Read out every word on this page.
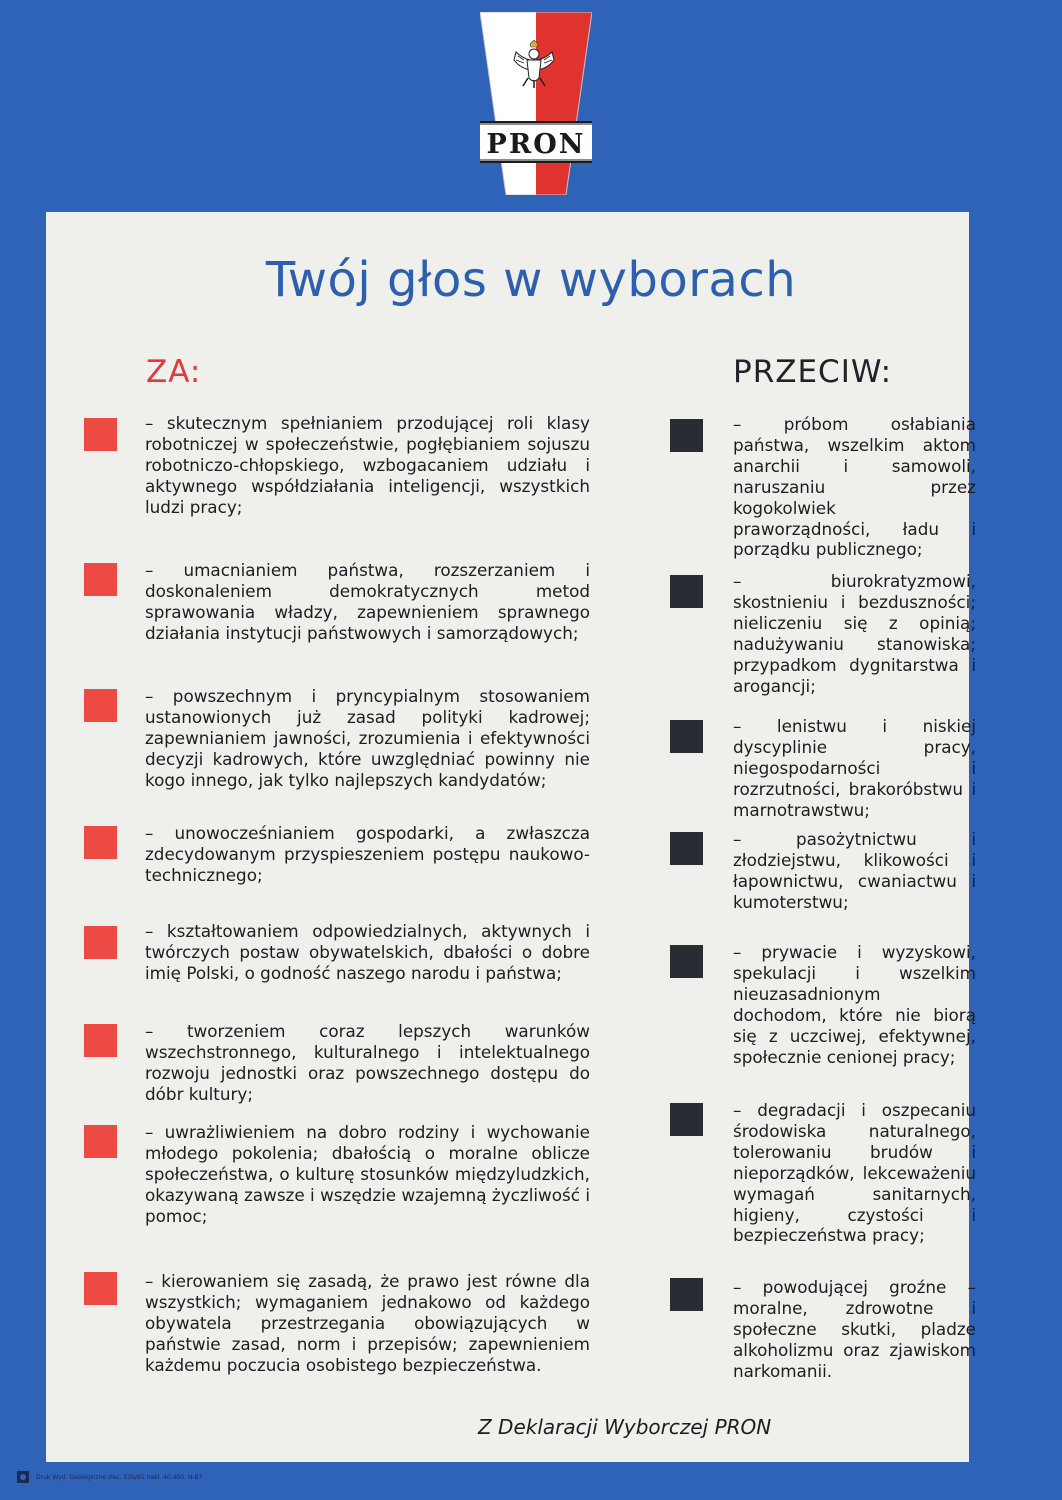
PRON
Twój głos w wyborach
ZA:	PRZECIW:
– skutecznym spełnianiem przodującej roli klasy robotniczej w społeczeństwie, pogłębianiem sojuszu robotniczo-chłopskiego, wzbogacaniem udziału i aktywnego współdziałania inteligencji, wszystkich ludzi pracy;
– umacnianiem państwa, rozszerzaniem i doskonaleniem demokratycznych metod sprawowania władzy, zapewnieniem sprawnego działania instytucji państwowych i samorządowych;
– powszechnym i pryncypialnym stosowaniem ustanowionych już zasad polityki kadrowej; zapewnianiem jawności, zrozumienia i efektywności decyzji kadrowych, które uwzględniać powinny nie kogo innego, jak tylko najlepszych kandydatów;
– unowocześnianiem gospodarki, a zwłaszcza zdecydowanym przyspieszeniem postępu naukowo-technicznego;
– kształtowaniem odpowiedzialnych, aktywnych i twórczych postaw obywatelskich, dbałości o dobre imię Polski, o godność naszego narodu i państwa;
– tworzeniem coraz lepszych warunków wszechstronnego, kulturalnego i intelektualnego rozwoju jednostki oraz powszechnego dostępu do dóbr kultury;
– uwrażliwieniem na dobro rodziny i wychowanie młodego pokolenia; dbałością o moralne oblicze społeczeństwa, o kulturę stosunków międzyludzkich, okazywaną zawsze i wszędzie wzajemną życzliwość i pomoc;
– kierowaniem się zasadą, że prawo jest równe dla wszystkich; wymaganiem jednakowo od każdego obywatela przestrzegania obowiązujących w państwie zasad, norm i przepisów; zapewnieniem każdemu poczucia osobistego bezpieczeństwa.
– próbom osłabiania państwa, wszelkim aktom anarchii i samowoli, naruszaniu przez kogokolwiek praworządności, ładu i porządku publicznego;
– biurokratyzmowi, skostnieniu i bezduszności; nieliczeniu się z opinią; nadużywaniu stanowiska; przypadkom dygnitarstwa i arogancji;
– lenistwu i niskiej dyscyplinie pracy, niegospodarności i rozrzutności, brakoróbstwu i marnotrawstwu;
– pasożytnictwu i złodziejstwu, klikowości i łapownictwu, cwaniactwu i kumoterstwu;
– prywacie i wyzyskowi, spekulacji i wszelkim nieuzasadnionym dochodom, które nie biorą się z uczciwej, efektywnej, społecznie cenionej pracy;
– degradacji i oszpecaniu środowiska naturalnego, tolerowaniu brudów i nieporządków, lekceważeniu wymagań sanitarnych, higieny, czystości i bezpieczeństwa pracy;
– powodującej groźne – moralne, zdrowotne i społeczne skutki, pladze alkoholizmu oraz zjawiskom narkomanii.
Z Deklaracji Wyborczej PRON
Druk Wyd. Geologiczne zlec. 536/85 nakł. 40.400. N-87
